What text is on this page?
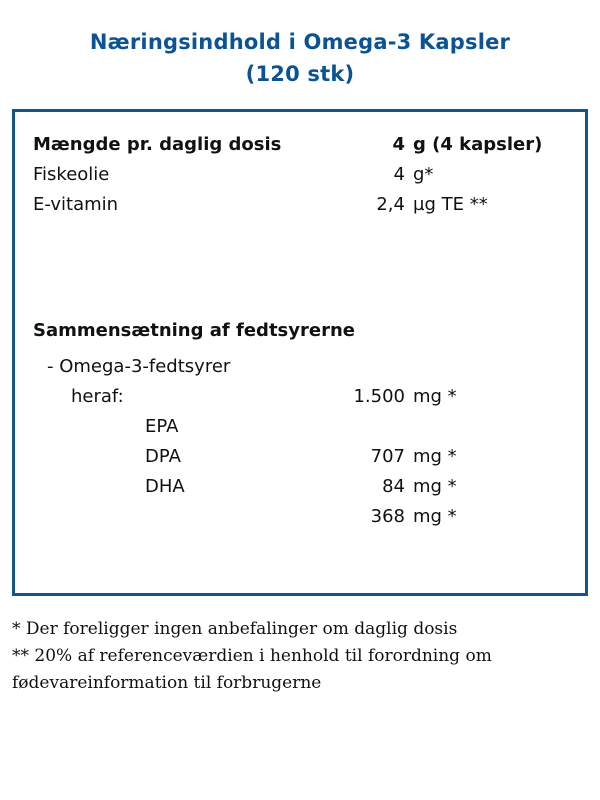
Næringsindhold i Omega-3 Kapsler
(120 stk)
Mængde pr. daglig dosis	4 g (4 kapsler)
Fiskeolie	4 g*
E-vitamin	2,4 µg TE **
Sammensætning af fedtsyrerne
- Omega-3-fedtsyrer
heraf:	1.500 mg *
EPA
DPA	707 mg *
DHA	84 mg *
368 mg *

* Der foreligger ingen anbefalinger om daglig dosis

** 20% af referenceværdien i henhold til forordning om fødevareinformation til forbrugerne
